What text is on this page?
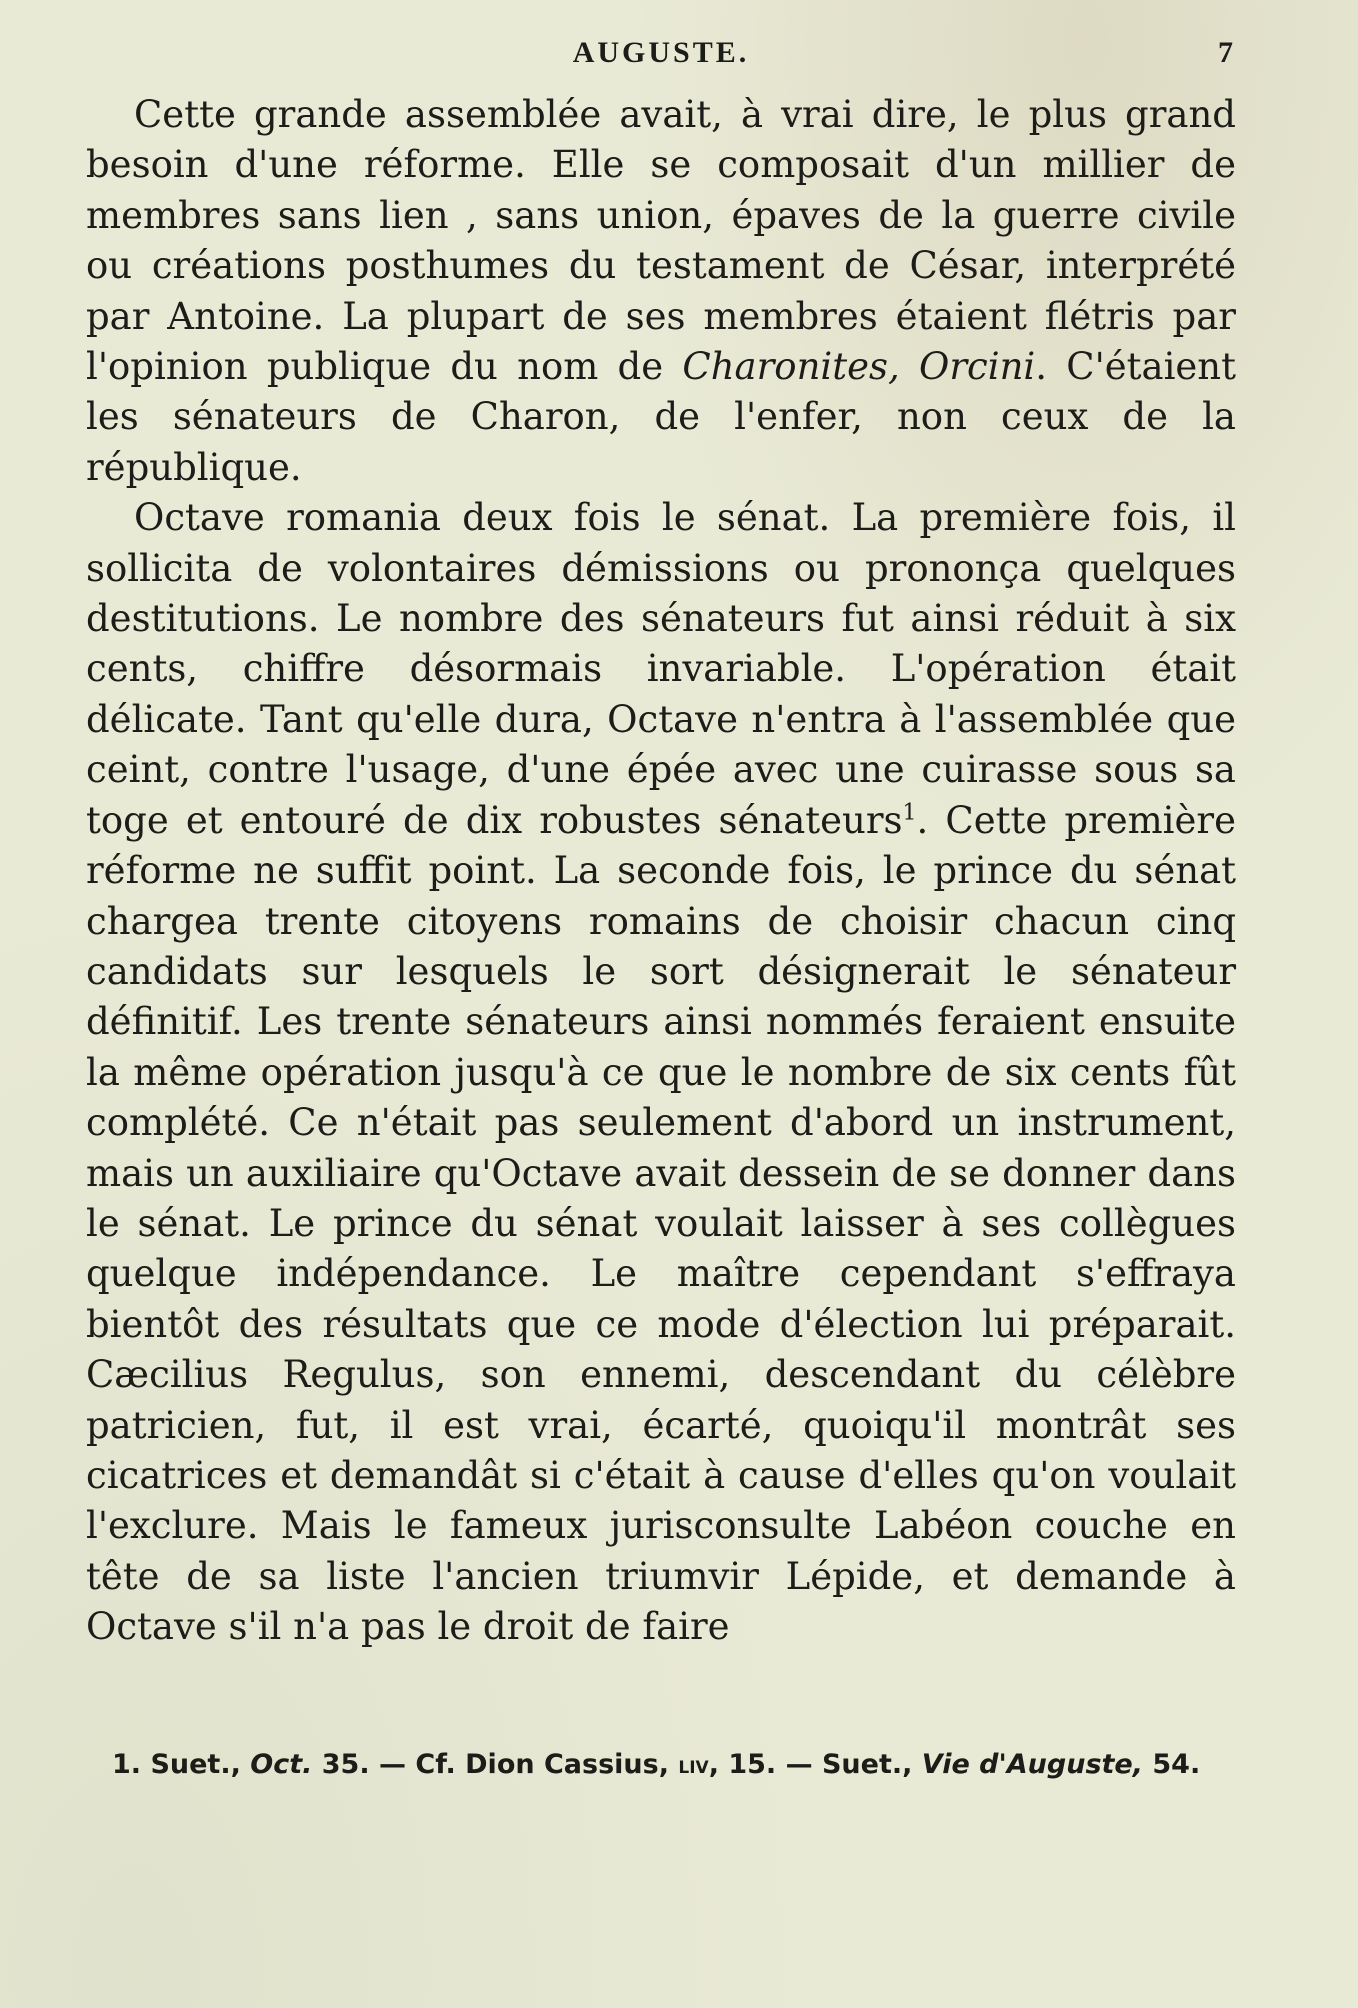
AUGUSTE.	7

Cette grande assemblée avait, à vrai dire, le plus grand besoin d'une réforme. Elle se composait d'un millier de membres sans lien , sans union, épaves de la guerre civile ou créations posthumes du testament de César, interprété par Antoine. La plupart de ses membres étaient flétris par l'opinion publique du nom de Charonites, Orcini. C'étaient les sénateurs de Charon, de l'enfer, non ceux de la république.

Octave romania deux fois le sénat. La première fois, il sollicita de volontaires démissions ou prononça quelques destitutions. Le nombre des sénateurs fut ainsi réduit à six cents, chiffre désormais invariable. L'opération était délicate. Tant qu'elle dura, Octave n'entra à l'assemblée que ceint, contre l'usage, d'une épée avec une cuirasse sous sa toge et entouré de dix robustes sénateurs$^1$. Cette première réforme ne suffit point. La seconde fois, le prince du sénat chargea trente citoyens romains de choisir chacun cinq candidats sur lesquels le sort désignerait le sénateur définitif. Les trente sénateurs ainsi nommés feraient ensuite la même opération jusqu'à ce que le nombre de six cents fût complété. Ce n'était pas seulement d'abord un instrument, mais un auxiliaire qu'Octave avait dessein de se donner dans le sénat. Le prince du sénat voulait laisser à ses collègues quelque indépendance. Le maître cependant s'effraya bientôt des résultats que ce mode d'élection lui préparait. Cæcilius Regulus, son ennemi, descendant du célèbre patricien, fut, il est vrai, écarté, quoiqu'il montrât ses cicatrices et demandât si c'était à cause d'elles qu'on voulait l'exclure. Mais le fameux jurisconsulte Labéon couche en tête de sa liste l'ancien triumvir Lépide, et demande à Octave s'il n'a pas le droit de faire

1. Suet., Oct. 35. — Cf. Dion Cassius, liv, 15. — Suet., Vie d'Auguste, 54.
